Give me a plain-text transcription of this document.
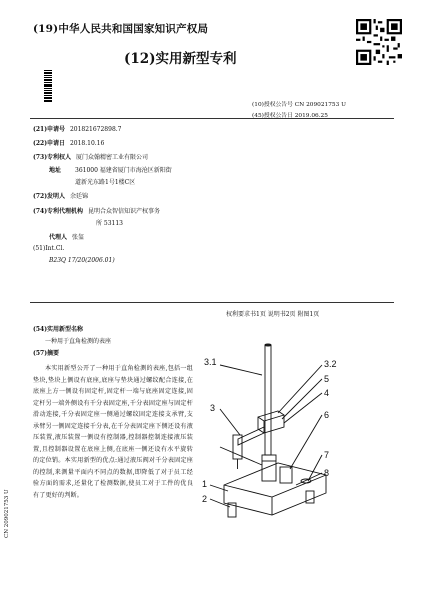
(19)中华人民共和国国家知识产权局
(12)实用新型专利
(10)授权公告号 CN 209021753 U
(45)授权公告日 2019.06.25
(21)申请号 201821672898.7
(22)申请日 2018.10.16
(73)专利权人 厦门众翰精密工业有限公司
地址 361000 福建省厦门市海沧区新阳街
道新光东路1号1楼C区
(72)发明人 余廷锦
(74)专利代理机构 昆明合众智信知识产权事务
所 53113
代理人 张玺
(51)Int.Cl.
B23Q 17/20(2006.01)
权利要求书1页 说明书2页 附图1页
(54)实用新型名称
一种用于直角检测的表座
(57)摘要
本实用新型公开了一种用于直角检测的表座,包括一组垫块,垫块上侧设有底座,底座与垫块通过螺纹配合连接,在底座上方一侧设有固定杆,固定杆一端与底座固定连接,固定杆另一端外侧设有千分表固定座,千分表固定座与固定杆滑动连接,千分表固定座一侧通过螺纹固定连接支承臂,支承臂另一侧固定连接千分表,在千分表固定座下侧还设有液压装置,液压装置一侧设有控制器,控制器控制连接液压装置,且控制器设置在底座上侧,在底座一侧还设有水平旋转的定位销。本实用新型的优点:通过液压阀对千分表固定座的控制,来测量平面内不同点的数据,即降低了对于员工经验方面的需求,还量化了检测数据,使员工对于工件的优良有了更好的判断。
CN 209021753 U
3.1	3.2
5
4
6
3
7
8
1
2
